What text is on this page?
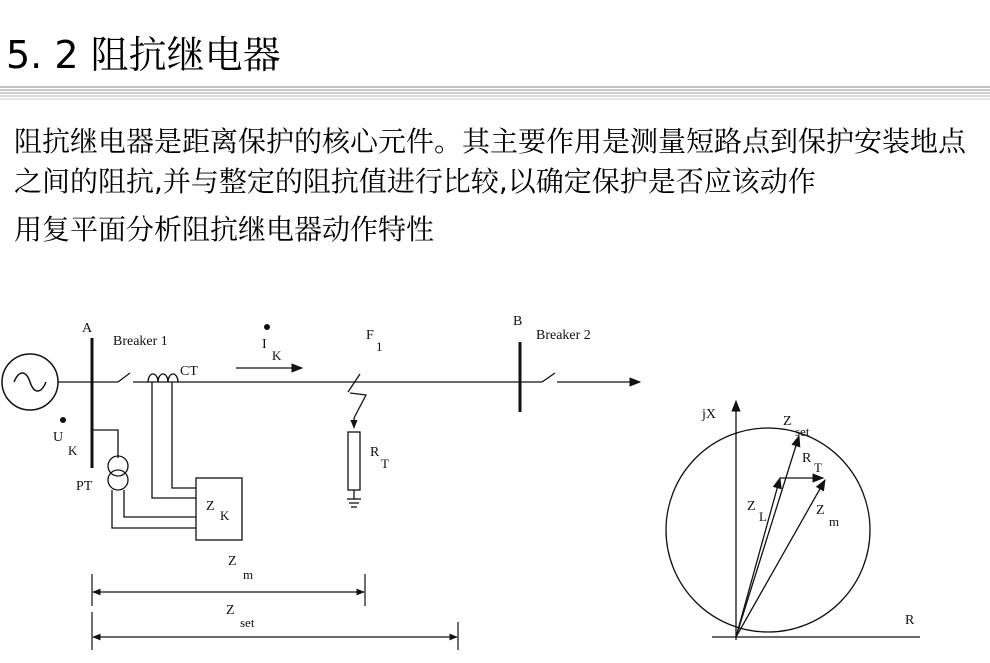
5. 2 阻抗继电器

阻抗继电器是距离保护的核心元件。其主要作用是测量短路点到保护安装地点之间的阻抗,并与整定的阻抗值进行比较,以确定保护是否应该动作

用复平面分析阻抗继电器动作特性

A
Breaker 1
CT
PT
Z
K
I
K
U
K
F
1
R
T
B
Breaker 2
Z
m
Z
set
jX
R
Z
set
R
T
Z
L	Z
m
